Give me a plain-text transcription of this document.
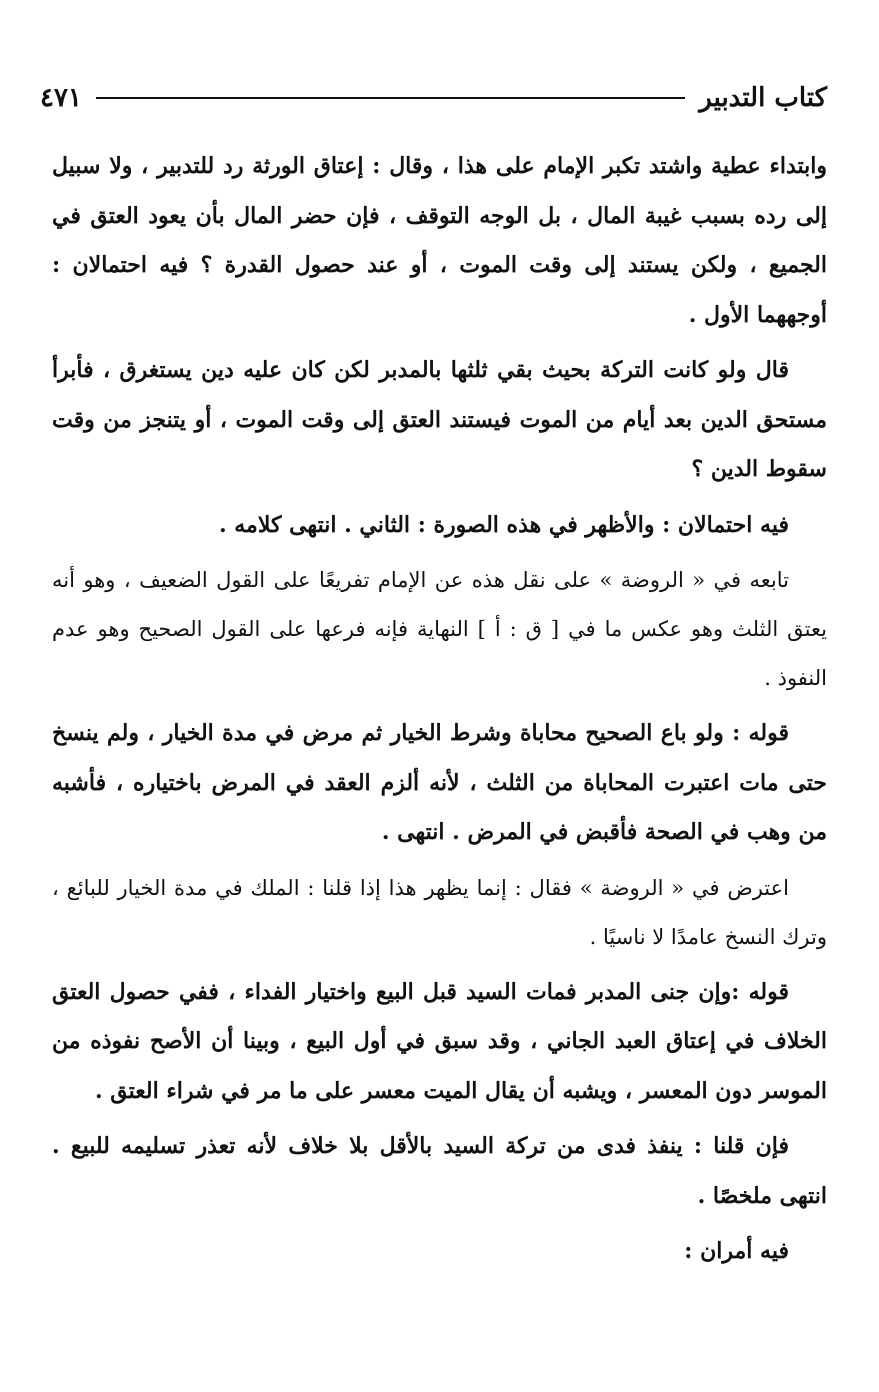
كتاب التدبير
٤٧١

وابتداء عطية واشتد تكبر الإمام على هذا ، وقال : إعتاق الورثة رد للتدبير ، ولا سبيل إلى رده بسبب غيبة المال ، بل الوجه التوقف ، فإن حضر المال بأن يعود العتق في الجميع ، ولكن يستند إلى وقت الموت ، أو عند حصول القدرة ؟ فيه احتمالان : أوجههما الأول .

قال ولو كانت التركة بحيث بقي ثلثها بالمدبر لكن كان عليه دين يستغرق ، فأبرأ مستحق الدين بعد أيام من الموت فيستند العتق إلى وقت الموت ، أو يتنجز من وقت سقوط الدين ؟

فيه احتمالان : والأظهر في هذه الصورة : الثاني . انتهى كلامه .

تابعه في « الروضة » على نقل هذه عن الإمام تفريعًا على القول الضعيف ، وهو أنه يعتق الثلث وهو عكس ما في [ ق : أ ] النهاية فإنه فرعها على القول الصحيح وهو عدم النفوذ .

قوله : ولو باع الصحيح محاباة وشرط الخيار ثم مرض في مدة الخيار ، ولم ينسخ حتى مات اعتبرت المحاباة من الثلث ، لأنه ألزم العقد في المرض باختياره ، فأشبه من وهب في الصحة فأقبض في المرض . انتهى .

اعترض في « الروضة » فقال : إنما يظهر هذا إذا قلنا : الملك في مدة الخيار للبائع ، وترك النسخ عامدًا لا ناسيًا .

قوله :وإن جنى المدبر فمات السيد قبل البيع واختيار الفداء ، ففي حصول العتق الخلاف في إعتاق العبد الجاني ، وقد سبق في أول البيع ، وبينا أن الأصح نفوذه من الموسر دون المعسر ، ويشبه أن يقال الميت معسر على ما مر في شراء العتق .

فإن قلنا : ينفذ فدى من تركة السيد بالأقل بلا خلاف لأنه تعذر تسليمه للبيع . انتهى ملخصًا .

فيه أمران :
